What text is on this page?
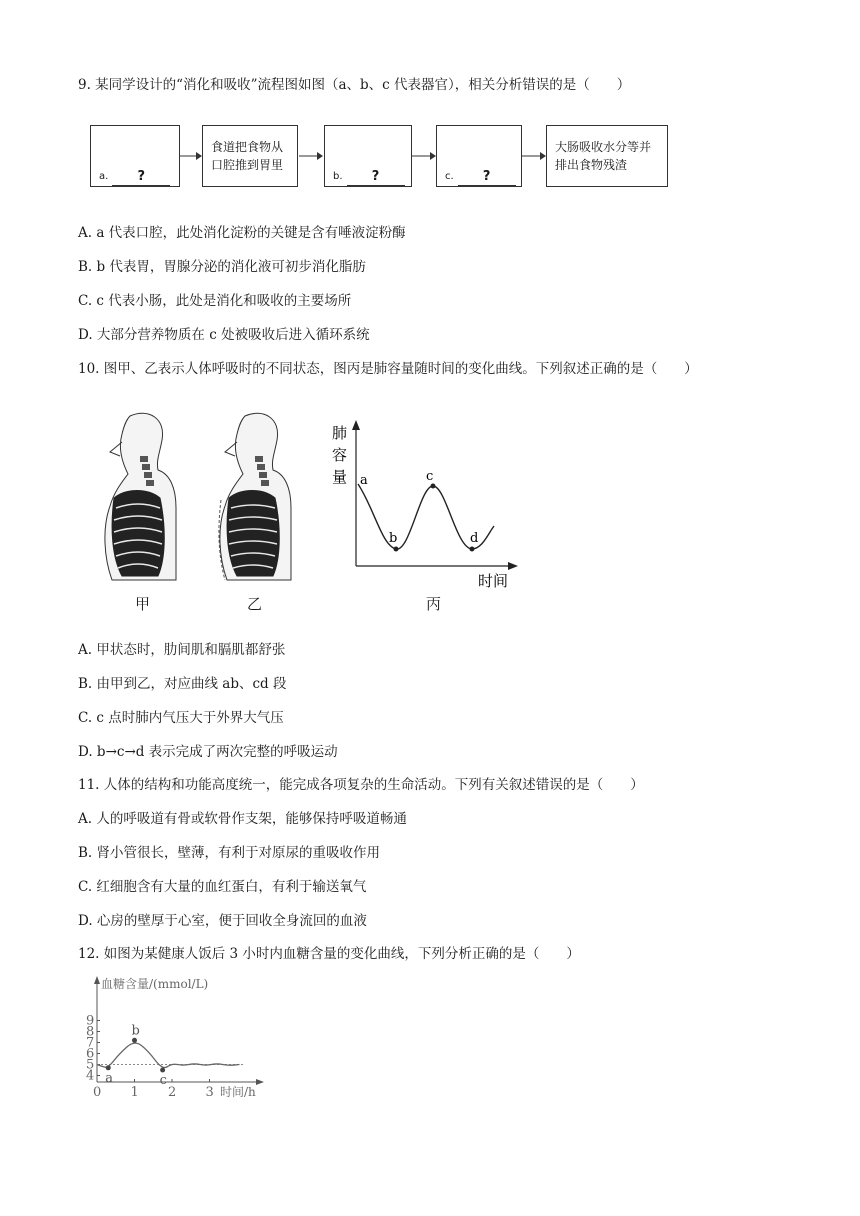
9. 某同学设计的“消化和吸收”流程图如图（a、b、c 代表器官），相关分析错误的是（　　）
a.	?
食道把食物从口腔推到胃里
b.	?	c.	?
大肠吸收水分等并排出食物残渣
A. a 代表口腔，此处消化淀粉的关键是含有唾液淀粉酶
B. b 代表胃，胃腺分泌的消化液可初步消化脂肪
C. c 代表小肠，此处是消化和吸收的主要场所
D. 大部分营养物质在 c 处被吸收后进入循环系统
10. 图甲、乙表示人体呼吸时的不同状态，图丙是肺容量随时间的变化曲线。下列叙述正确的是（　　）
甲	乙
肺
容
量
时间
a
b
c
d
丙
A. 甲状态时，肋间肌和膈肌都舒张
B. 由甲到乙，对应曲线 ab、cd 段
C. c 点时肺内气压大于外界大气压
D. b→c→d 表示完成了两次完整的呼吸运动
11. 人体的结构和功能高度统一，能完成各项复杂的生命活动。下列有关叙述错误的是（　　）
A. 人的呼吸道有骨或软骨作支架，能够保持呼吸道畅通
B. 肾小管很长，壁薄，有利于对原尿的重吸收作用
C. 红细胞含有大量的血红蛋白，有利于输送氧气
D. 心房的壁厚于心室，便于回收全身流回的血液
12. 如图为某健康人饭后 3 小时内血糖含量的变化曲线，下列分析正确的是（　　）
4
5
6
7
8
9
0 1 2 3
血糖含量/(mmol/L)
时间/h
a
b
c
